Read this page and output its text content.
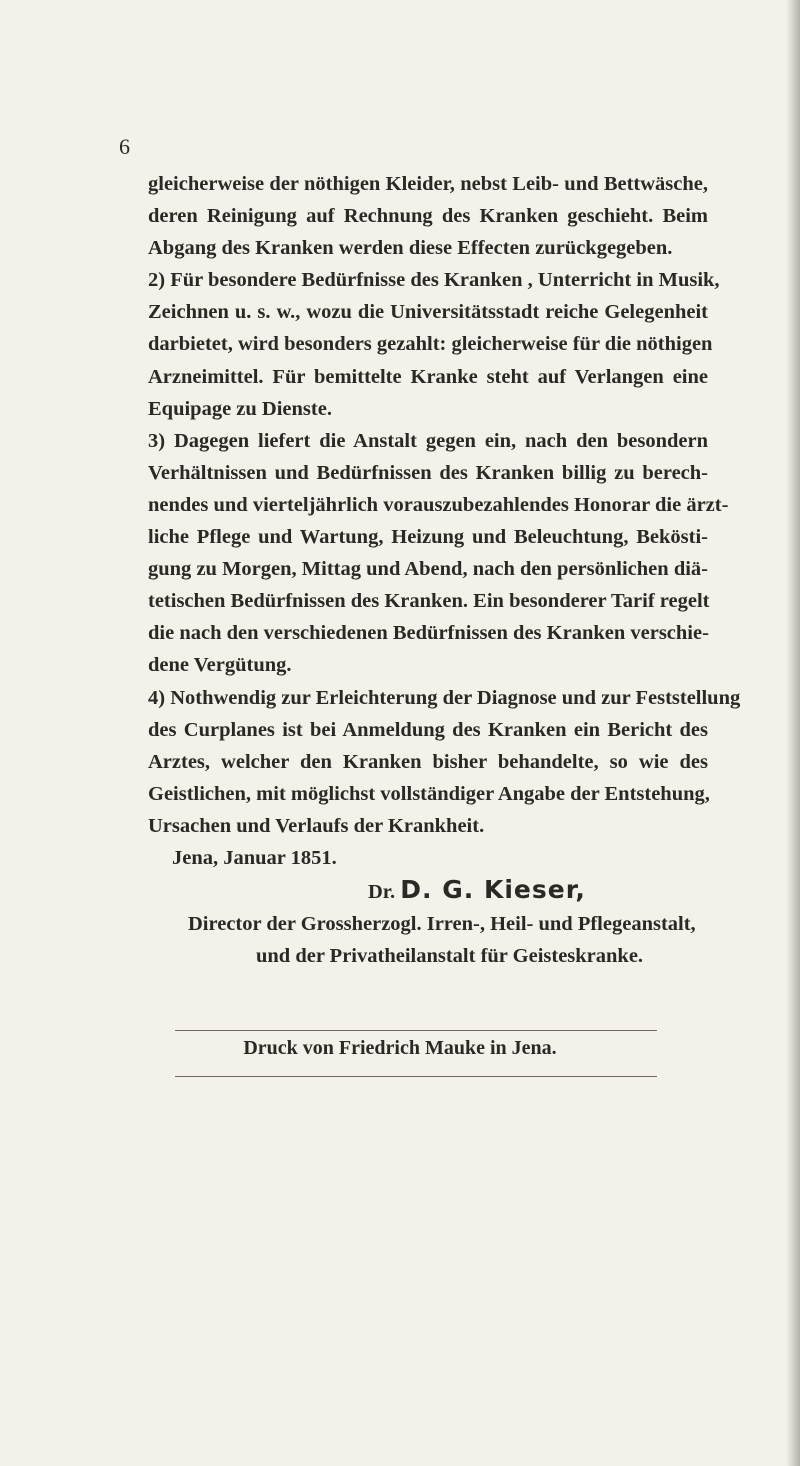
6
gleicherweise der nöthigen Kleider, nebst Leib- und Bettwäsche,
deren Reinigung auf Rechnung des Kranken geschieht. Beim
Abgang des Kranken werden diese Effecten zurückgegeben.
2) Für besondere Bedürfnisse des Kranken , Unterricht in Musik,
Zeichnen u. s. w., wozu die Universitätsstadt reiche Gelegenheit
darbietet, wird besonders gezahlt: gleicherweise für die nöthigen
Arzneimittel. Für bemittelte Kranke steht auf Verlangen eine
Equipage zu Dienste.
3) Dagegen liefert die Anstalt gegen ein, nach den besondern
Verhältnissen und Bedürfnissen des Kranken billig zu berech-
nendes und vierteljährlich vorauszubezahlendes Honorar die ärzt-
liche Pflege und Wartung, Heizung und Beleuchtung, Bekösti-
gung zu Morgen, Mittag und Abend, nach den persönlichen diä-
tetischen Bedürfnissen des Kranken. Ein besonderer Tarif regelt
die nach den verschiedenen Bedürfnissen des Kranken verschie-
dene Vergütung.
4) Nothwendig zur Erleichterung der Diagnose und zur Feststellung
des Curplanes ist bei Anmeldung des Kranken ein Bericht des
Arztes, welcher den Kranken bisher behandelte, so wie des
Geistlichen, mit möglichst vollständiger Angabe der Entstehung,
Ursachen und Verlaufs der Krankheit.
Jena, Januar 1851.
Dr. D. G. Kieser,
Director der Grossherzogl. Irren-, Heil- und Pflegeanstalt,
und der Privatheilanstalt für Geisteskranke.
Druck von Friedrich Mauke in Jena.
